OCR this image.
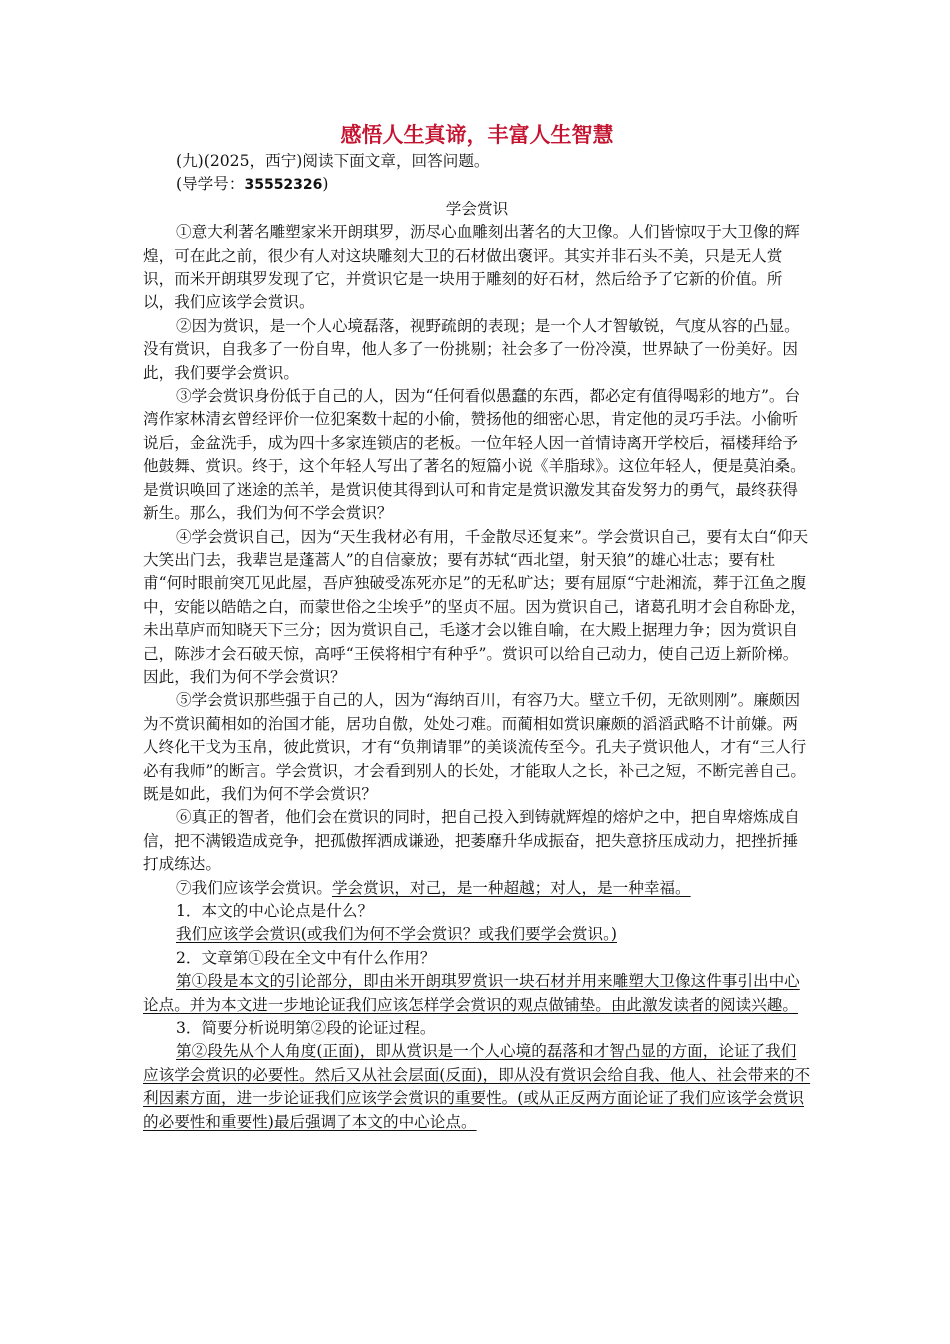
感悟人生真谛，丰富人生智慧

(九)(2025，西宁)阅读下面文章，回答问题。

(导学号：35552326)

学会赏识

①意大利著名雕塑家米开朗琪罗，沥尽心血雕刻出著名的大卫像。人们皆惊叹于大卫像的辉煌，可在此之前，很少有人对这块雕刻大卫的石材做出褒评。其实并非石头不美，只是无人赏识，而米开朗琪罗发现了它，并赏识它是一块用于雕刻的好石材，然后给予了它新的价值。所以，我们应该学会赏识。

②因为赏识，是一个人心境磊落，视野疏朗的表现；是一个人才智敏锐，气度从容的凸显。没有赏识，自我多了一份自卑，他人多了一份挑剔；社会多了一份冷漠，世界缺了一份美好。因此，我们要学会赏识。

③学会赏识身份低于自己的人，因为“任何看似愚蠢的东西，都必定有值得喝彩的地方”。台湾作家林清玄曾经评价一位犯案数十起的小偷，赞扬他的细密心思，肯定他的灵巧手法。小偷听说后，金盆洗手，成为四十多家连锁店的老板。一位年轻人因一首情诗离开学校后，福楼拜给予他鼓舞、赏识。终于，这个年轻人写出了著名的短篇小说《羊脂球》。这位年轻人，便是莫泊桑。是赏识唤回了迷途的羔羊，是赏识使其得到认可和肯定是赏识激发其奋发努力的勇气，最终获得新生。那么，我们为何不学会赏识？

④学会赏识自己，因为“天生我材必有用，千金散尽还复来”。学会赏识自己，要有太白“仰天大笑出门去，我辈岂是蓬蒿人”的自信豪放；要有苏轼“西北望，射天狼”的雄心壮志；要有杜甫“何时眼前突兀见此屋，吾庐独破受冻死亦足”的无私旷达；要有屈原“宁赴湘流，葬于江鱼之腹中，安能以皓皓之白，而蒙世俗之尘埃乎”的坚贞不屈。因为赏识自己，诸葛孔明才会自称卧龙，未出草庐而知晓天下三分；因为赏识自己，毛遂才会以锥自喻，在大殿上据理力争；因为赏识自己，陈涉才会石破天惊，高呼“王侯将相宁有种乎”。赏识可以给自己动力，使自己迈上新阶梯。因此，我们为何不学会赏识？

⑤学会赏识那些强于自己的人，因为“海纳百川，有容乃大。壁立千仞，无欲则刚”。廉颇因为不赏识蔺相如的治国才能，居功自傲，处处刁难。而蔺相如赏识廉颇的滔滔武略不计前嫌。两人终化干戈为玉帛，彼此赏识，才有“负荆请罪”的美谈流传至今。孔夫子赏识他人，才有“三人行必有我师”的断言。学会赏识，才会看到别人的长处，才能取人之长，补己之短，不断完善自己。既是如此，我们为何不学会赏识？

⑥真正的智者，他们会在赏识的同时，把自己投入到铸就辉煌的熔炉之中，把自卑熔炼成自信，把不满锻造成竞争，把孤傲挥洒成谦逊，把萎靡升华成振奋，把失意挤压成动力，把挫折捶打成练达。

⑦我们应该学会赏识。学会赏识，对己，是一种超越；对人，是一种幸福。

1．本文的中心论点是什么？

我们应该学会赏识(或我们为何不学会赏识？或我们要学会赏识。)

2．文章第①段在全文中有什么作用？

第①段是本文的引论部分，即由米开朗琪罗赏识一块石材并用来雕塑大卫像这件事引出中心论点。并为本文进一步地论证我们应该怎样学会赏识的观点做铺垫。由此激发读者的阅读兴趣。

3．简要分析说明第②段的论证过程。

第②段先从个人角度(正面)，即从赏识是一个人心境的磊落和才智凸显的方面，论证了我们应该学会赏识的必要性。然后又从社会层面(反面)，即从没有赏识会给自我、他人、社会带来的不利因素方面，进一步论证我们应该学会赏识的重要性。(或从正反两方面论证了我们应该学会赏识的必要性和重要性)最后强调了本文的中心论点。
